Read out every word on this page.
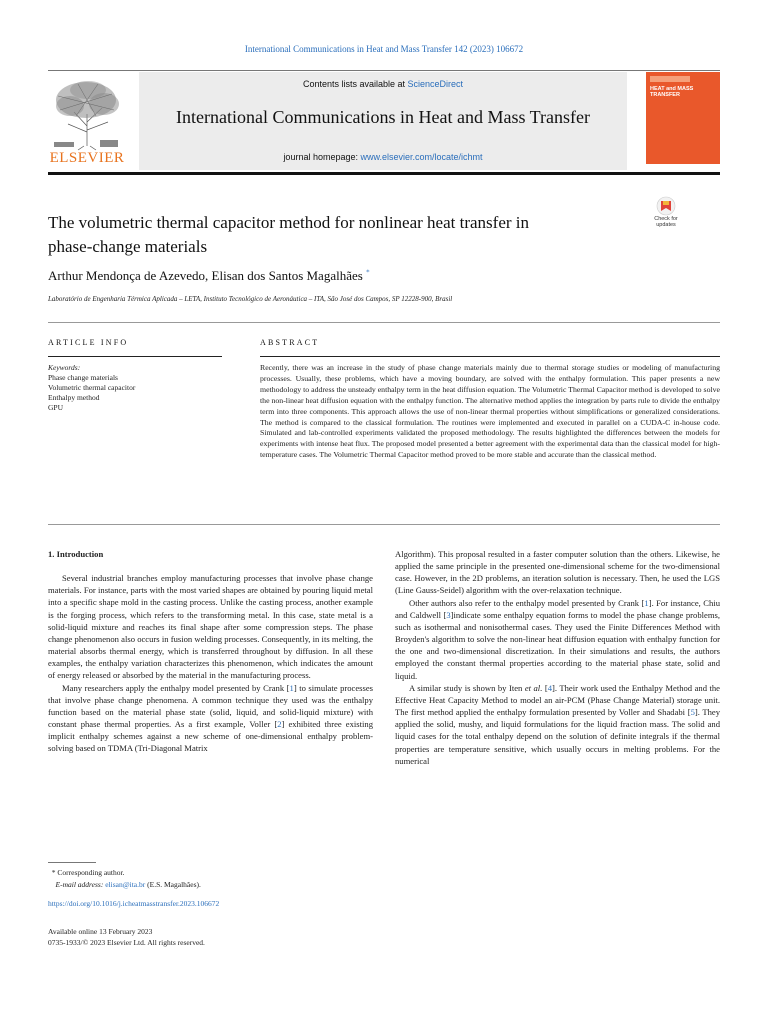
International Communications in Heat and Mass Transfer 142 (2023) 106672
ELSEVIER
Contents lists available at ScienceDirect
International Communications in Heat and Mass Transfer
journal homepage: www.elsevier.com/locate/ichmt
HEAT and MASS TRANSFER
The volumetric thermal capacitor method for nonlinear heat transfer in
phase-change materials
Check for updates
Arthur Mendonça de Azevedo, Elisan dos Santos Magalhães *
Laboratório de Engenharia Térmica Aplicada – LETA, Instituto Tecnológico de Aeronáutica – ITA, São José dos Campos, SP 12228-900, Brasil
ARTICLE INFO	ABSTRACT
Keywords:
Phase change materials
Volumetric thermal capacitor
Enthalpy method
GPU
Recently, there was an increase in the study of phase change materials mainly due to thermal storage studies or modeling of manufacturing processes. Usually, these problems, which have a moving boundary, are solved with the enthalpy formulation. This paper presents a new methodology to address the unsteady enthalpy term in the heat diffusion equation. The Volumetric Thermal Capacitor method is developed to solve the non-linear heat diffusion equation with the enthalpy function. The alternative method applies the integration by parts rule to divide the enthalpy term into three components. This approach allows the use of non-linear thermal properties without simplifications or generalized considerations. The method is compared to the classical formulation. The routines were implemented and executed in parallel on a CUDA-C in-house code. Simulated and lab-controlled experiments validated the proposed methodology. The results highlighted the differences between the models for experiments with intense heat flux. The proposed model presented a better agreement with the experimental data than the classical model for high-temperature cases. The Volumetric Thermal Capacitor method proved to be more stable and accurate than the classical method.

1. Introduction

Several industrial branches employ manufacturing processes that involve phase change materials. For instance, parts with the most varied shapes are obtained by pouring liquid metal into a specific shape mold in the casting process. Unlike the casting process, another example is the forging process, which refers to the transforming metal. In this case, state metal is a solid-liquid mixture and reaches its final shape after some compression steps. The phase change phenomenon also occurs in fusion welding processes. Consequently, in its melting, the material absorbs thermal energy, which is transferred throughout by diffusion. In all these examples, the enthalpy variation characterizes this phenomenon, which indicates the amount of energy released or absorbed by the material in the manufacturing process.

Many researchers apply the enthalpy model presented by Crank [1] to simulate processes that involve phase change phenomena. A common technique they used was the enthalpy function based on the material phase state (solid, liquid, and solid-liquid mixture) with constant phase thermal properties. As a first example, Voller [2] exhibited three existing implicit enthalpy schemes against a new scheme of one-dimensional enthalpy problem-solving based on TDMA (Tri-Diagonal Matrix

Algorithm). This proposal resulted in a faster computer solution than the others. Likewise, he applied the same principle in the presented one-dimensional scheme for the two-dimensional case. However, in the 2D problems, an iteration solution is necessary. Then, he used the LGS (Line Gauss-Seidel) algorithm with the over-relaxation technique.

Other authors also refer to the enthalpy model presented by Crank [1]. For instance, Chiu and Caldwell [3]indicate some enthalpy equation forms to model the phase change problems, such as isothermal and nonisothermal cases. They used the Finite Differences Method with Broyden's algorithm to solve the non-linear heat diffusion equation with enthalpy function for the one and two-dimensional discretization. In their simulations and results, the authors employed the constant thermal properties according to the material phase state, solid and liquid.

A similar study is shown by Iten et al. [4]. Their work used the Enthalpy Method and the Effective Heat Capacity Method to model an air-PCM (Phase Change Material) storage unit. The first method applied the enthalpy formulation presented by Voller and Shadabi [5]. They applied the solid, mushy, and liquid formulations for the liquid fraction mass. The solid and liquid cases for the total enthalpy depend on the solution of definite integrals if the thermal properties are temperature sensitive, which usually occurs in melting problems. For the numerical

* Corresponding author.
E-mail address: elisan@ita.br (E.S. Magalhães).
https://doi.org/10.1016/j.icheatmasstransfer.2023.106672
Available online 13 February 2023
0735-1933/© 2023 Elsevier Ltd. All rights reserved.
